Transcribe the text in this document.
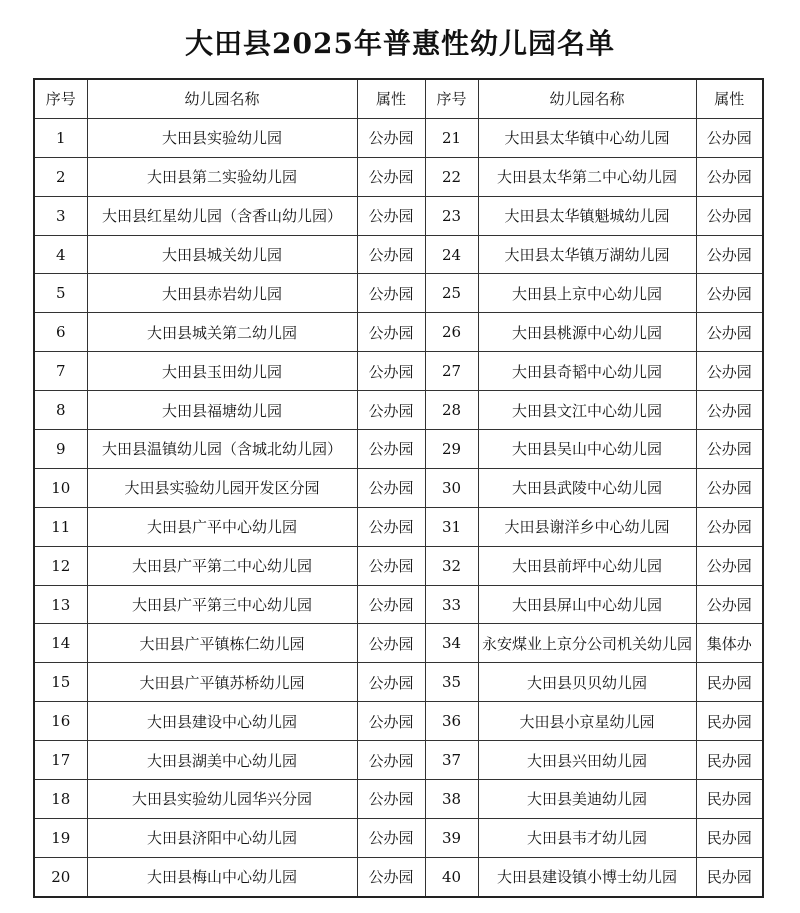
大田县2025年普惠性幼儿园名单
序号	幼儿园名称	属性	序号	幼儿园名称	属性
1	大田县实验幼儿园	公办园	21	大田县太华镇中心幼儿园	公办园
2	大田县第二实验幼儿园	公办园	22	大田县太华第二中心幼儿园	公办园
3	大田县红星幼儿园（含香山幼儿园）	公办园	23	大田县太华镇魁城幼儿园	公办园
4	大田县城关幼儿园	公办园	24	大田县太华镇万湖幼儿园	公办园
5	大田县赤岩幼儿园	公办园	25	大田县上京中心幼儿园	公办园
6	大田县城关第二幼儿园	公办园	26	大田县桃源中心幼儿园	公办园
7	大田县玉田幼儿园	公办园	27	大田县奇韬中心幼儿园	公办园
8	大田县福塘幼儿园	公办园	28	大田县文江中心幼儿园	公办园
9	大田县温镇幼儿园（含城北幼儿园）	公办园	29	大田县吴山中心幼儿园	公办园
10	大田县实验幼儿园开发区分园	公办园	30	大田县武陵中心幼儿园	公办园
11	大田县广平中心幼儿园	公办园	31	大田县谢洋乡中心幼儿园	公办园
12	大田县广平第二中心幼儿园	公办园	32	大田县前坪中心幼儿园	公办园
13	大田县广平第三中心幼儿园	公办园	33	大田县屏山中心幼儿园	公办园
14	大田县广平镇栋仁幼儿园	公办园	34	永安煤业上京分公司机关幼儿园	集体办
15	大田县广平镇苏桥幼儿园	公办园	35	大田县贝贝幼儿园	民办园
16	大田县建设中心幼儿园	公办园	36	大田县小京星幼儿园	民办园
17	大田县湖美中心幼儿园	公办园	37	大田县兴田幼儿园	民办园
18	大田县实验幼儿园华兴分园	公办园	38	大田县美迪幼儿园	民办园
19	大田县济阳中心幼儿园	公办园	39	大田县韦才幼儿园	民办园
20	大田县梅山中心幼儿园	公办园	40	大田县建设镇小博士幼儿园	民办园
